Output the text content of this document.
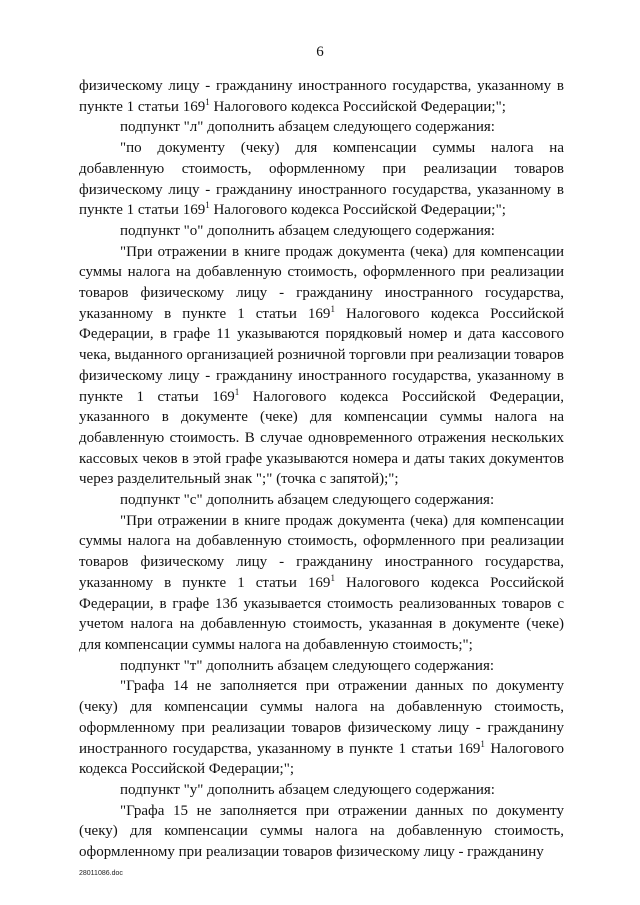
6

физическому лицу - гражданину иностранного государства, указанному в пункте 1 статьи $169^1$ Налогового кодекса Российской Федерации;";

подпункт "л" дополнить абзацем следующего содержания:

"по документу (чеку) для компенсации суммы налога на добавленную стоимость, оформленному при реализации товаров физическому лицу - гражданину иностранного государства, указанному в пункте 1 статьи $169^1$ Налогового кодекса Российской Федерации;";

подпункт "о" дополнить абзацем следующего содержания:

"При отражении в книге продаж документа (чека) для компенсации суммы налога на добавленную стоимость, оформленного при реализации товаров физическому лицу - гражданину иностранного государства, указанному в пункте 1 статьи $169^1$ Налогового кодекса Российской Федерации, в графе 11 указываются порядковый номер и дата кассового чека, выданного организацией розничной торговли при реализации товаров физическому лицу - гражданину иностранного государства, указанному в пункте 1 статьи $169^1$ Налогового кодекса Российской Федерации, указанного в документе (чеке) для компенсации суммы налога на добавленную стоимость. В случае одновременного отражения нескольких кассовых чеков в этой графе указываются номера и даты таких документов через разделительный знак ";" (точка с запятой);";

подпункт "с" дополнить абзацем следующего содержания:

"При отражении в книге продаж документа (чека) для компенсации суммы налога на добавленную стоимость, оформленного при реализации товаров физическому лицу - гражданину иностранного государства, указанному в пункте 1 статьи $169^1$ Налогового кодекса Российской Федерации, в графе 13б указывается стоимость реализованных товаров с учетом налога на добавленную стоимость, указанная в документе (чеке) для компенсации суммы налога на добавленную стоимость;";

подпункт "т" дополнить абзацем следующего содержания:

"Графа 14 не заполняется при отражении данных по документу (чеку) для компенсации суммы налога на добавленную стоимость, оформленному при реализации товаров физическому лицу - гражданину иностранного государства, указанному в пункте 1 статьи $169^1$ Налогового кодекса Российской Федерации;";

подпункт "у" дополнить абзацем следующего содержания:

"Графа 15 не заполняется при отражении данных по документу (чеку) для компенсации суммы налога на добавленную стоимость, оформленному при реализации товаров физическому лицу - гражданину

28011086.doc
